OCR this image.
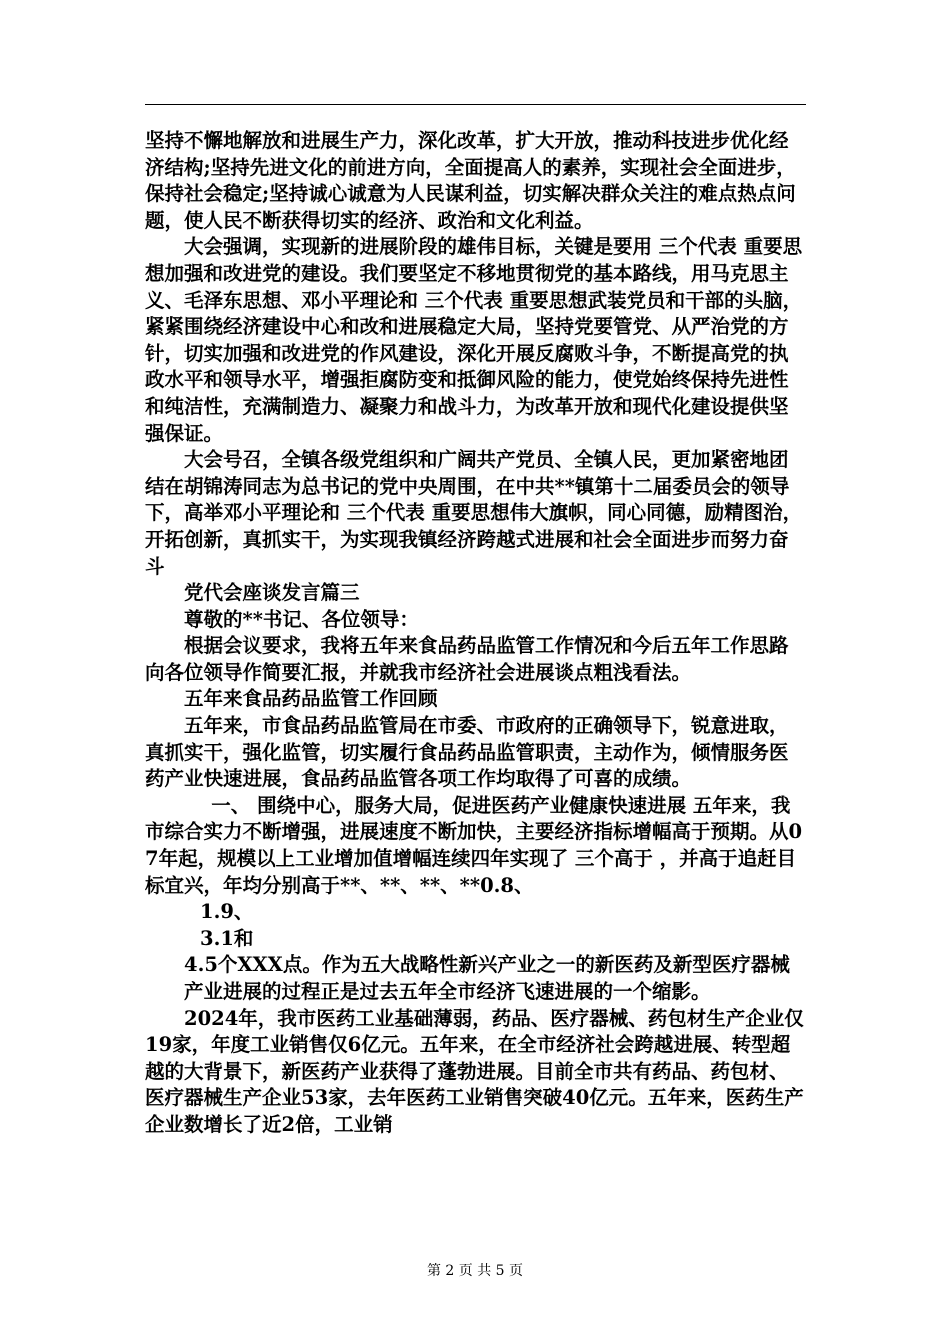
坚持不懈地解放和进展生产力，深化改革，扩大开放，推动科技进步优化经济结构;坚持先进文化的前进方向，全面提高人的素养，实现社会全面进步，保持社会稳定;坚持诚心诚意为人民谋利益，切实解决群众关注的难点热点问题，使人民不断获得切实的经济、政治和文化利益。

大会强调，实现新的进展阶段的雄伟目标，关键是要用 三个代表 重要思想加强和改进党的建设。我们要坚定不移地贯彻党的基本路线，用马克思主义、毛泽东思想、邓小平理论和 三个代表 重要思想武装党员和干部的头脑，紧紧围绕经济建设中心和改和进展稳定大局，坚持党要管党、从严治党的方针，切实加强和改进党的作风建设，深化开展反腐败斗争，不断提高党的执政水平和领导水平，增强拒腐防变和抵御风险的能力，使党始终保持先进性和纯洁性，充满制造力、凝聚力和战斗力，为改革开放和现代化建设提供坚强保证。

大会号召，全镇各级党组织和广阔共产党员、全镇人民，更加紧密地团结在胡锦涛同志为总书记的党中央周围，在中共**镇第十二届委员会的领导下，高举邓小平理论和 三个代表 重要思想伟大旗帜，同心同德，励精图治，开拓创新，真抓实干，为实现我镇经济跨越式进展和社会全面进步而努力奋斗

党代会座谈发言篇三

尊敬的**书记、各位领导：

根据会议要求，我将五年来食品药品监管工作情况和今后五年工作思路向各位领导作简要汇报，并就我市经济社会进展谈点粗浅看法。

五年来食品药品监管工作回顾

五年来，市食品药品监管局在市委、市政府的正确领导下，锐意进取，真抓实干，强化监管，切实履行食品药品监管职责，主动作为，倾情服务医药产业快速进展，食品药品监管各项工作均取得了可喜的成绩。

一、 围绕中心，服务大局，促进医药产业健康快速进展 五年来，我市综合实力不断增强，进展速度不断加快，主要经济指标增幅高于预期。从07年起，规模以上工业增加值增幅连续四年实现了 三个高于 ，并高于追赶目标宜兴，年均分别高于**、**、**、**0.8、

1.9、

3.1和

4.5个XXX点。作为五大战略性新兴产业之一的新医药及新型医疗器械

产业进展的过程正是过去五年全市经济飞速进展的一个缩影。

2024年，我市医药工业基础薄弱，药品、医疗器械、药包材生产企业仅19家，年度工业销售仅6亿元。五年来，在全市经济社会跨越进展、转型超越的大背景下，新医药产业获得了蓬勃进展。目前全市共有药品、药包材、医疗器械生产企业53家，去年医药工业销售突破40亿元。五年来，医药生产企业数增长了近2倍，工业销

第 2 页 共 5 页
